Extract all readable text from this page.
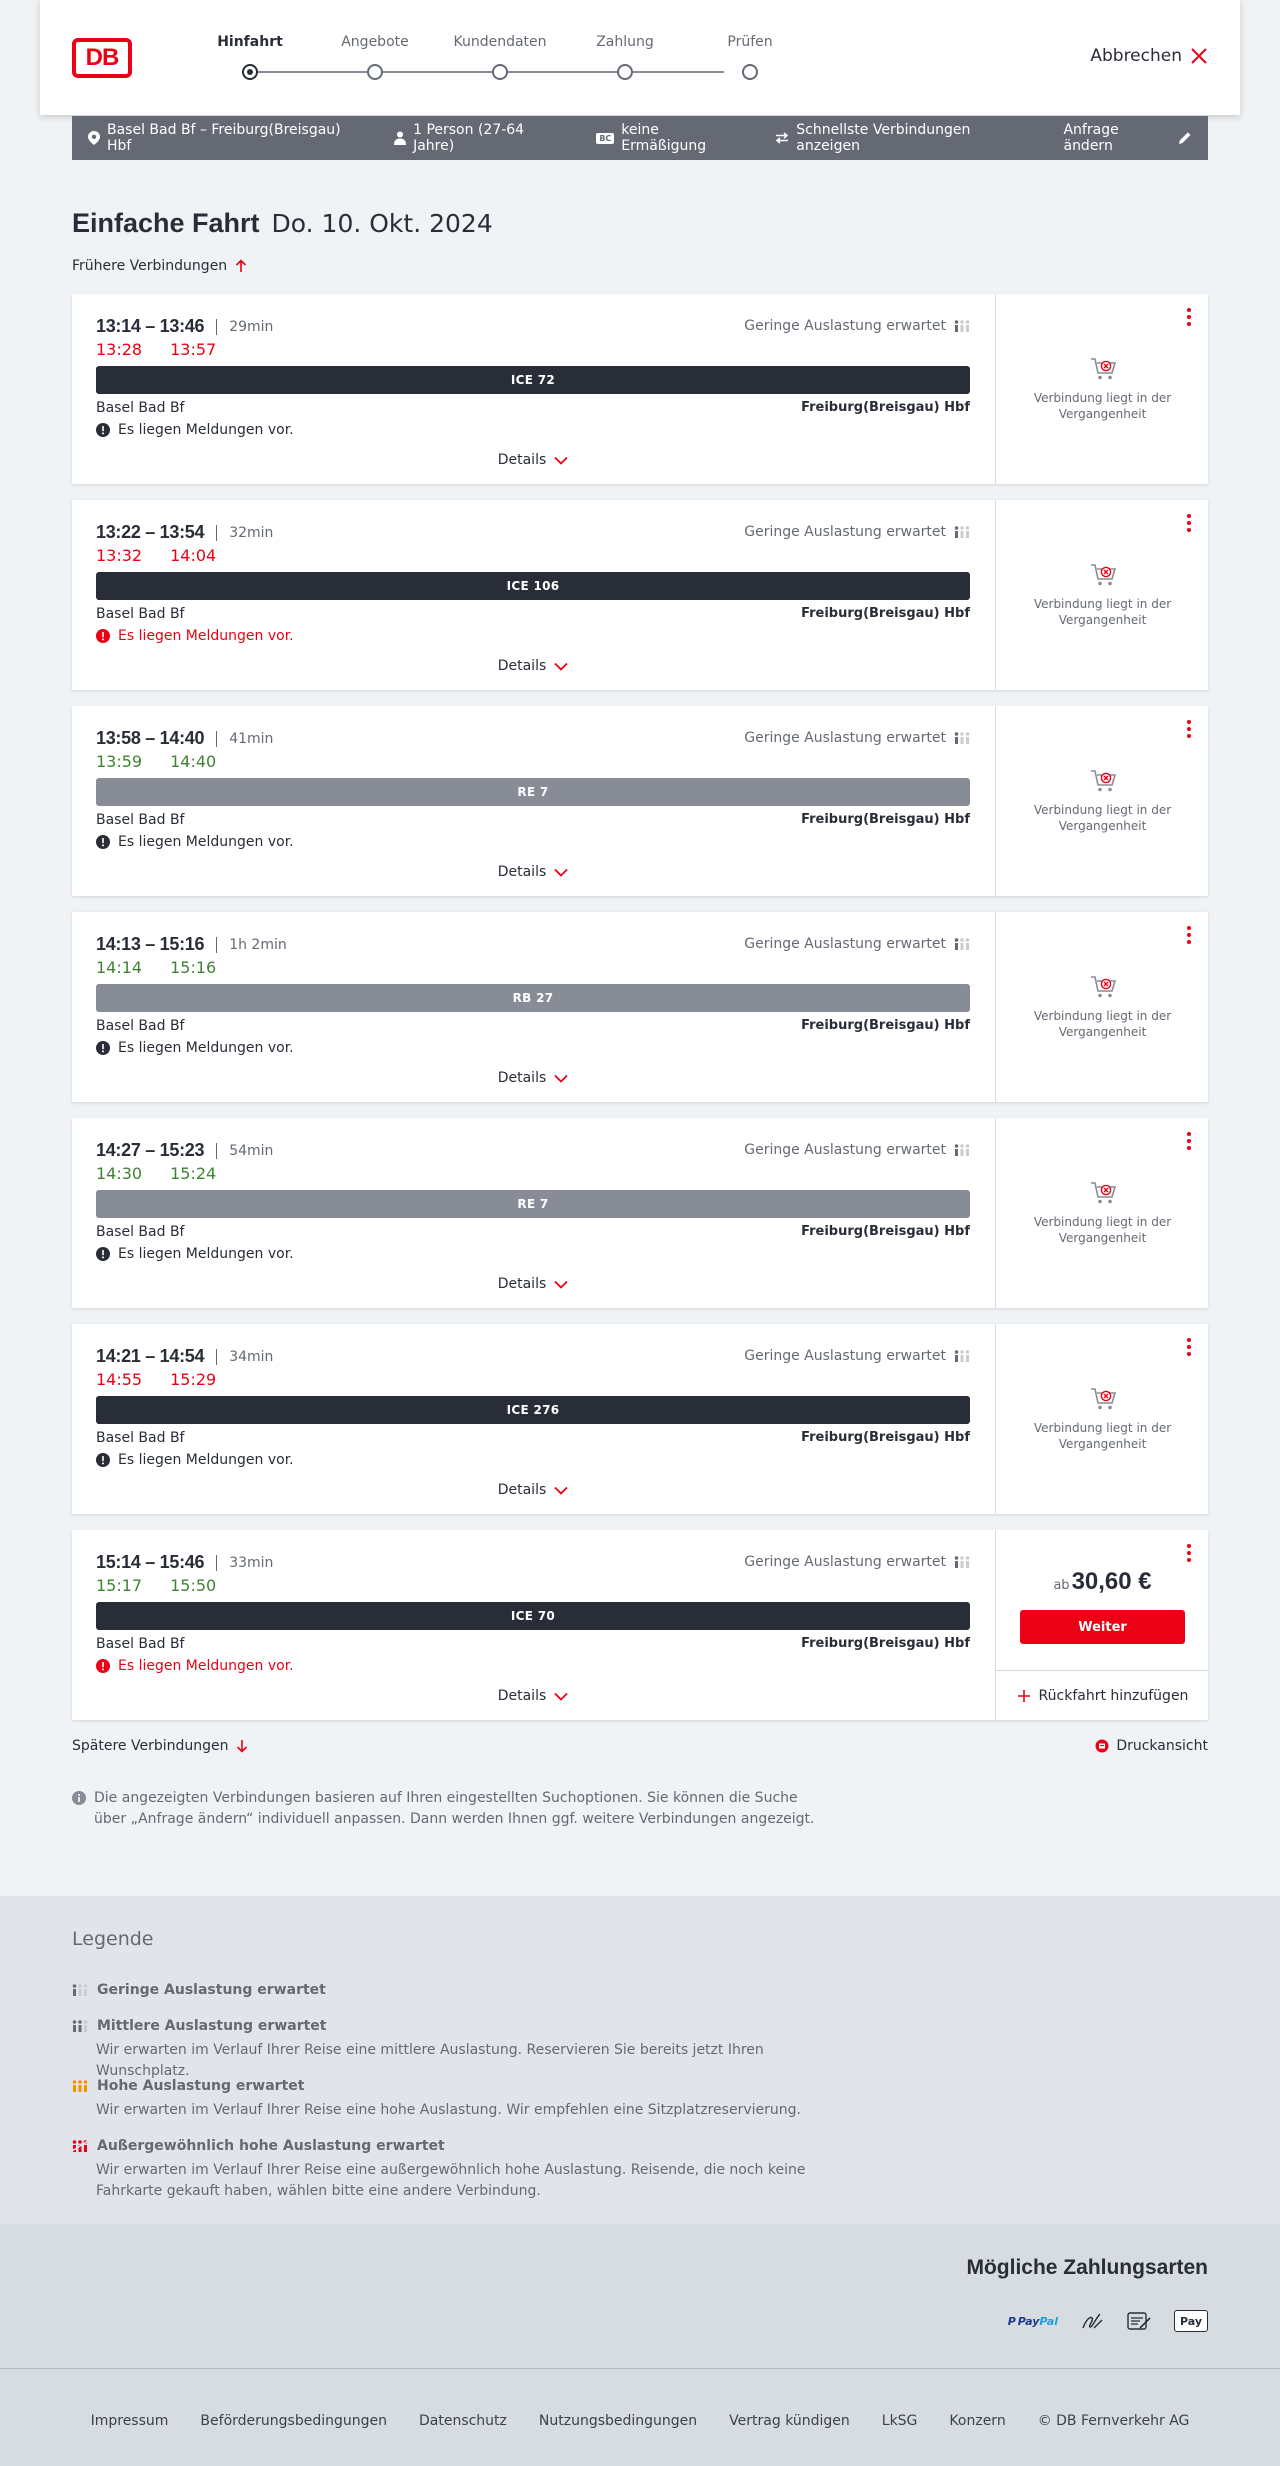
DB
Hinfahrt	Angebote	Kundendaten	Zahlung	Prüfen
Abbrechen
Basel Bad Bf – Freiburg(Breisgau) Hbf
1 Person (27-64 Jahre)	BC keine Ermäßigung
Schnellste Verbindungen anzeigen
Anfrage ändern
Einfache Fahrt Do. 10. Okt. 2024
Frühere Verbindungen
13:14 – 13:46 29min
13:28 13:57
Geringe Auslastung erwartet
ICE 72
Basel Bad Bf	Freiburg(Breisgau) Hbf
Es liegen Meldungen vor.
Details
Verbindung liegt in der Vergangenheit
13:22 – 13:54 32min
13:32 14:04
Geringe Auslastung erwartet
ICE 106
Basel Bad Bf	Freiburg(Breisgau) Hbf
Es liegen Meldungen vor.
Details
Verbindung liegt in der Vergangenheit
13:58 – 14:40 41min
13:59 14:40
Geringe Auslastung erwartet
RE 7
Basel Bad Bf	Freiburg(Breisgau) Hbf
Es liegen Meldungen vor.
Details
Verbindung liegt in der Vergangenheit
14:13 – 15:16 1h 2min
14:14 15:16
Geringe Auslastung erwartet
RB 27
Basel Bad Bf	Freiburg(Breisgau) Hbf
Es liegen Meldungen vor.
Details
Verbindung liegt in der Vergangenheit
14:27 – 15:23 54min
14:30 15:24
Geringe Auslastung erwartet
RE 7
Basel Bad Bf	Freiburg(Breisgau) Hbf
Es liegen Meldungen vor.
Details
Verbindung liegt in der Vergangenheit
14:21 – 14:54 34min
14:55 15:29
Geringe Auslastung erwartet
ICE 276
Basel Bad Bf	Freiburg(Breisgau) Hbf
Es liegen Meldungen vor.
Details
Verbindung liegt in der Vergangenheit
15:14 – 15:46 33min
15:17 15:50
Geringe Auslastung erwartet
ICE 70
Basel Bad Bf	Freiburg(Breisgau) Hbf
Es liegen Meldungen vor.
Details
ab30,60 €
Weiter
Rückfahrt hinzufügen
Spätere Verbindungen	Druckansicht
Die angezeigten Verbindungen basieren auf Ihren eingestellten Suchoptionen. Sie können die Suche über „Anfrage ändern“ individuell anpassen. Dann werden Ihnen ggf. weitere Verbindungen angezeigt.
Legende
Geringe Auslastung erwartet
Mittlere Auslastung erwartet

Wir erwarten im Verlauf Ihrer Reise eine mittlere Auslastung. Reservieren Sie bereits jetzt Ihren Wunschplatz.

Hohe Auslastung erwartet

Wir erwarten im Verlauf Ihrer Reise eine hohe Auslastung. Wir empfehlen eine Sitzplatzreservierung.

Außergewöhnlich hohe Auslastung erwartet

Wir erwarten im Verlauf Ihrer Reise eine außergewöhnlich hohe Auslastung. Reisende, die noch keine Fahrkarte gekauft haben, wählen bitte eine andere Verbindung.

Mögliche Zahlungsarten
P Pay Pal	Pay
Impressum Beförderungsbedingungen Datenschutz Nutzungsbedingungen Vertrag kündigen LkSG Konzern © DB Fernverkehr AG
